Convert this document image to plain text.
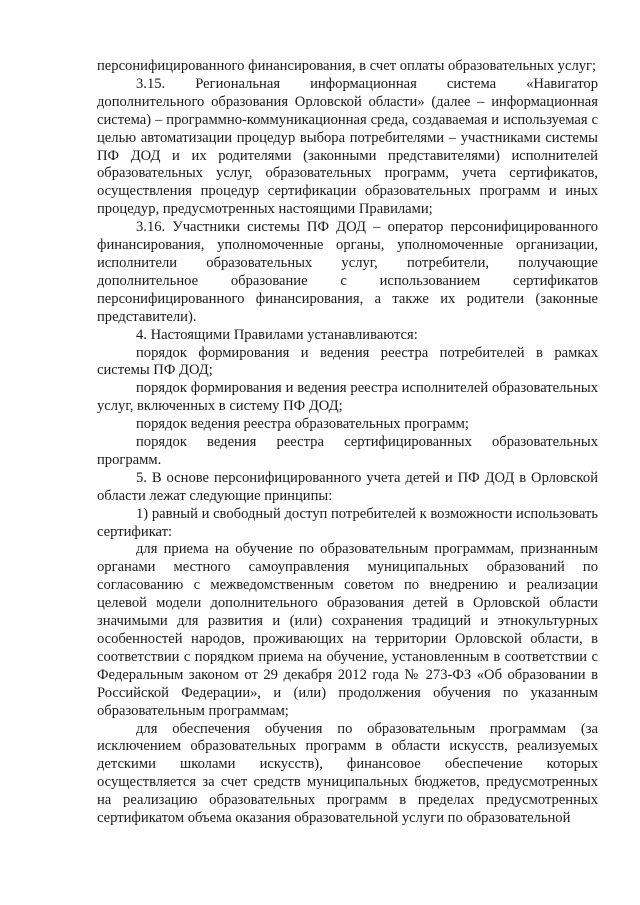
персонифицированного финансирования, в счет оплаты образовательных услуг;

3.15. Региональная информационная система «Навигатор дополнительного образования Орловской области» (далее – информационная система) – программно-коммуникационная среда, создаваемая и используемая с целью автоматизации процедур выбора потребителями – участниками системы ПФ ДОД и их родителями (законными представителями) исполнителей образовательных услуг, образовательных программ, учета сертификатов, осуществления процедур сертификации образовательных программ и иных процедур, предусмотренных настоящими Правилами;

3.16. Участники системы ПФ ДОД – оператор персонифицированного финансирования, уполномоченные органы, уполномоченные организации, исполнители образовательных услуг, потребители, получающие дополнительное образование с использованием сертификатов персонифицированного финансирования, а также их родители (законные представители).

4. Настоящими Правилами устанавливаются:

порядок формирования и ведения реестра потребителей в рамках системы ПФ ДОД;

порядок формирования и ведения реестра исполнителей образовательных услуг, включенных в систему ПФ ДОД;

порядок ведения реестра образовательных программ;

порядок ведения реестра сертифицированных образовательных программ.

5. В основе персонифицированного учета детей и ПФ ДОД в Орловской области лежат следующие принципы:

1) равный и свободный доступ потребителей к возможности использовать сертификат:

для приема на обучение по образовательным программам, признанным органами местного самоуправления муниципальных образований по согласованию с межведомственным советом по внедрению и реализации целевой модели дополнительного образования детей в Орловской области значимыми для развития и (или) сохранения традиций и этнокультурных особенностей народов, проживающих на территории Орловской области, в соответствии с порядком приема на обучение, установленным в соответствии с Федеральным законом от 29 декабря 2012 года № 273-ФЗ «Об образовании в Российской Федерации», и (или) продолжения обучения по указанным образовательным программам;

для обеспечения обучения по образовательным программам (за исключением образовательных программ в области искусств, реализуемых детскими школами искусств), финансовое обеспечение которых осуществляется за счет средств муниципальных бюджетов, предусмотренных на реализацию образовательных программ в пределах предусмотренных сертификатом объема оказания образовательной услуги по образовательной
